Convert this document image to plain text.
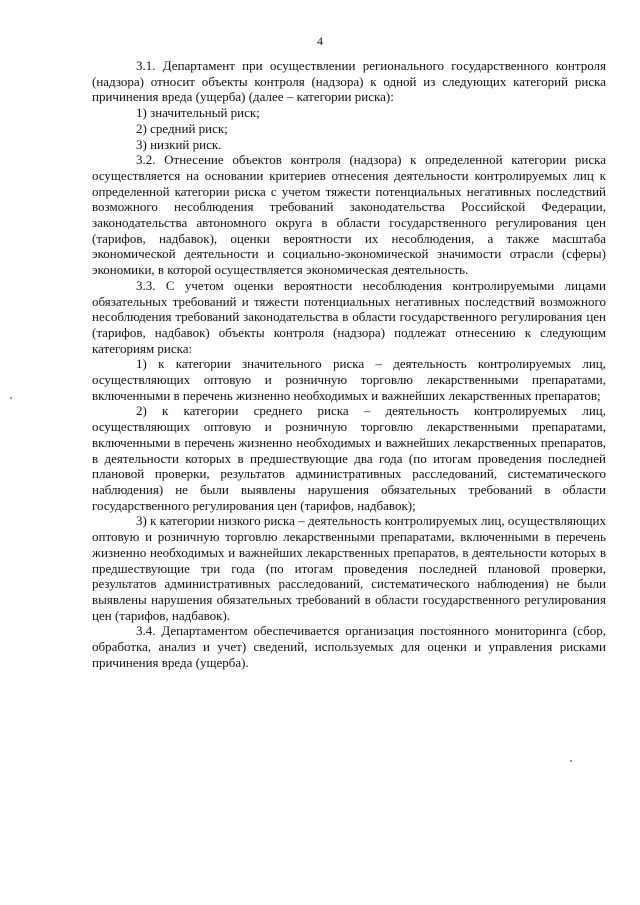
4

3.1. Департамент при осуществлении регионального государственного контроля (надзора) относит объекты контроля (надзора) к одной из следующих категорий риска причинения вреда (ущерба) (далее – категории риска):

1) значительный риск;

2) средний риск;

3) низкий риск.

3.2. Отнесение объектов контроля (надзора) к определенной категории риска осуществляется на основании критериев отнесения деятельности контролируемых лиц к определенной категории риска с учетом тяжести потенциальных негативных последствий возможного несоблюдения требований законодательства Российской Федерации, законодательства автономного округа в области государственного регулирования цен (тарифов, надбавок), оценки вероятности их несоблюдения, а также масштаба экономической деятельности и социально-экономической значимости отрасли (сферы) экономики, в которой осуществляется экономическая деятельность.

3.3. С учетом оценки вероятности несоблюдения контролируемыми лицами обязательных требований и тяжести потенциальных негативных последствий возможного несоблюдения требований законодательства в области государственного регулирования цен (тарифов, надбавок) объекты контроля (надзора) подлежат отнесению к следующим категориям риска:

1) к категории значительного риска – деятельность контролируемых лиц, осуществляющих оптовую и розничную торговлю лекарственными препаратами, включенными в перечень жизненно необходимых и важнейших лекарственных препаратов;

2) к категории среднего риска – деятельность контролируемых лиц, осуществляющих оптовую и розничную торговлю лекарственными препаратами, включенными в перечень жизненно необходимых и важнейших лекарственных препаратов, в деятельности которых в предшествующие два года (по итогам проведения последней плановой проверки, результатов административных расследований, систематического наблюдения) не были выявлены нарушения обязательных требований в области государственного регулирования цен (тарифов, надбавок);

3) к категории низкого риска – деятельность контролируемых лиц, осуществляющих оптовую и розничную торговлю лекарственными препаратами, включенными в перечень жизненно необходимых и важнейших лекарственных препаратов, в деятельности которых в предшествующие три года (по итогам проведения последней плановой проверки, результатов административных расследований, систематического наблюдения) не были выявлены нарушения обязательных требований в области государственного регулирования цен (тарифов, надбавок).

3.4. Департаментом обеспечивается организация постоянного мониторинга (сбор, обработка, анализ и учет) сведений, используемых для оценки и управления рисками причинения вреда (ущерба).
